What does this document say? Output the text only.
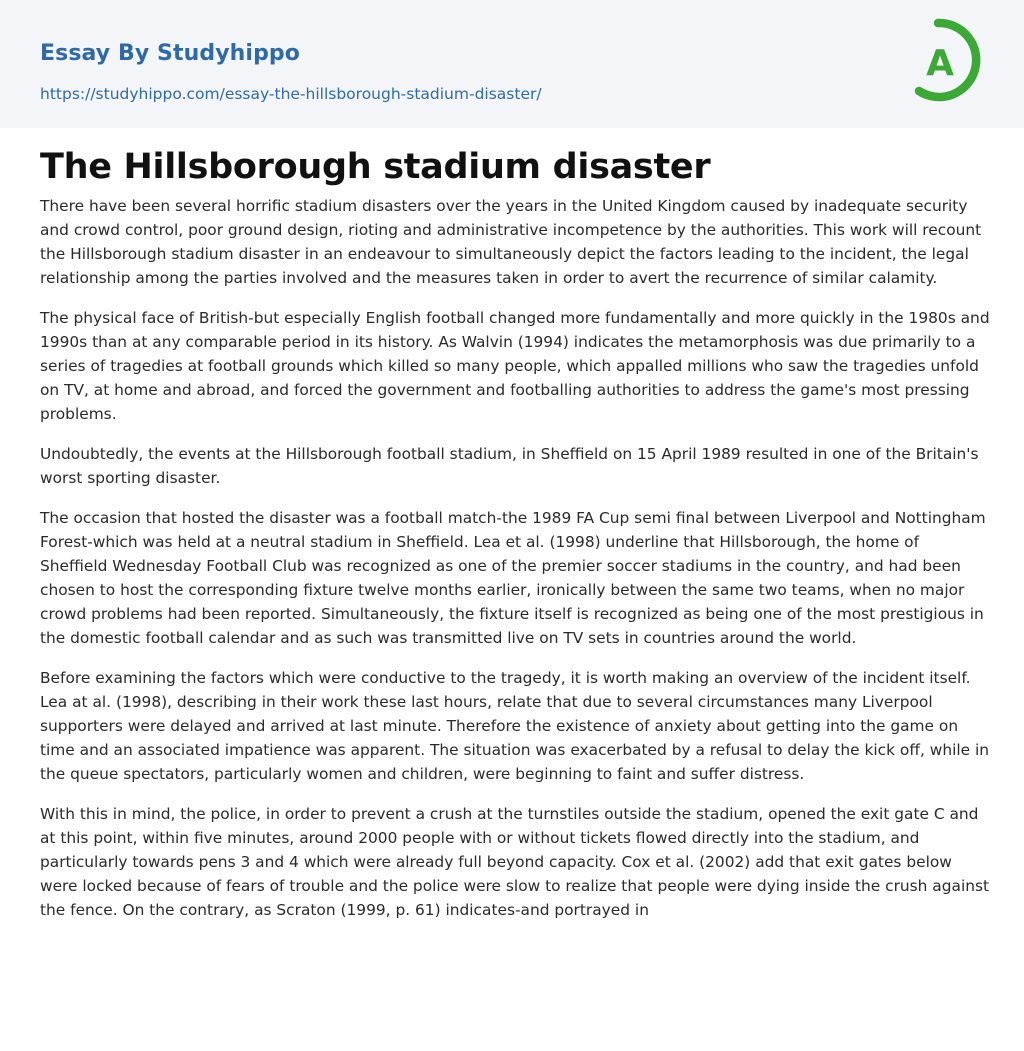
Essay By Studyhippo
https://studyhippo.com/essay-the-hillsborough-stadium-disaster/
A
The Hillsborough stadium disaster

There have been several horrific stadium disasters over the years in the United Kingdom caused by inadequate security and crowd control, poor ground design, rioting and administrative incompetence by the authorities. This work will recount the Hillsborough stadium disaster in an endeavour to simultaneously depict the factors leading to the incident, the legal relationship among the parties involved and the measures taken in order to avert the recurrence of similar calamity.

The physical face of British-but especially English football changed more fundamentally and more quickly in the 1980s and 1990s than at any comparable period in its history. As Walvin (1994) indicates the metamorphosis was due primarily to a series of tragedies at football grounds which killed so many people, which appalled millions who saw the tragedies unfold on TV, at home and abroad, and forced the government and footballing authorities to address the game's most pressing problems.

Undoubtedly, the events at the Hillsborough football stadium, in Sheffield on 15 April 1989 resulted in one of the Britain's worst sporting disaster.

The occasion that hosted the disaster was a football match-the 1989 FA Cup semi final between Liverpool and Nottingham Forest-which was held at a neutral stadium in Sheffield. Lea et al. (1998) underline that Hillsborough, the home of Sheffield Wednesday Football Club was recognized as one of the premier soccer stadiums in the country, and had been chosen to host the corresponding fixture twelve months earlier, ironically between the same two teams, when no major crowd problems had been reported. Simultaneously, the fixture itself is recognized as being one of the most prestigious in the domestic football calendar and as such was transmitted live on TV sets in countries around the world.

Before examining the factors which were conductive to the tragedy, it is worth making an overview of the incident itself. Lea at al. (1998), describing in their work these last hours, relate that due to several circumstances many Liverpool supporters were delayed and arrived at last minute. Therefore the existence of anxiety about getting into the game on time and an associated impatience was apparent. The situation was exacerbated by a refusal to delay the kick off, while in the queue spectators, particularly women and children, were beginning to faint and suffer distress.

With this in mind, the police, in order to prevent a crush at the turnstiles outside the stadium, opened the exit gate C and at this point, within five minutes, around 2000 people with or without tickets flowed directly into the stadium, and particularly towards pens 3 and 4 which were already full beyond capacity. Cox et al. (2002) add that exit gates below were locked because of fears of trouble and the police were slow to realize that people were dying inside the crush against the fence. On the contrary, as Scraton (1999, p. 61) indicates-and portrayed in
